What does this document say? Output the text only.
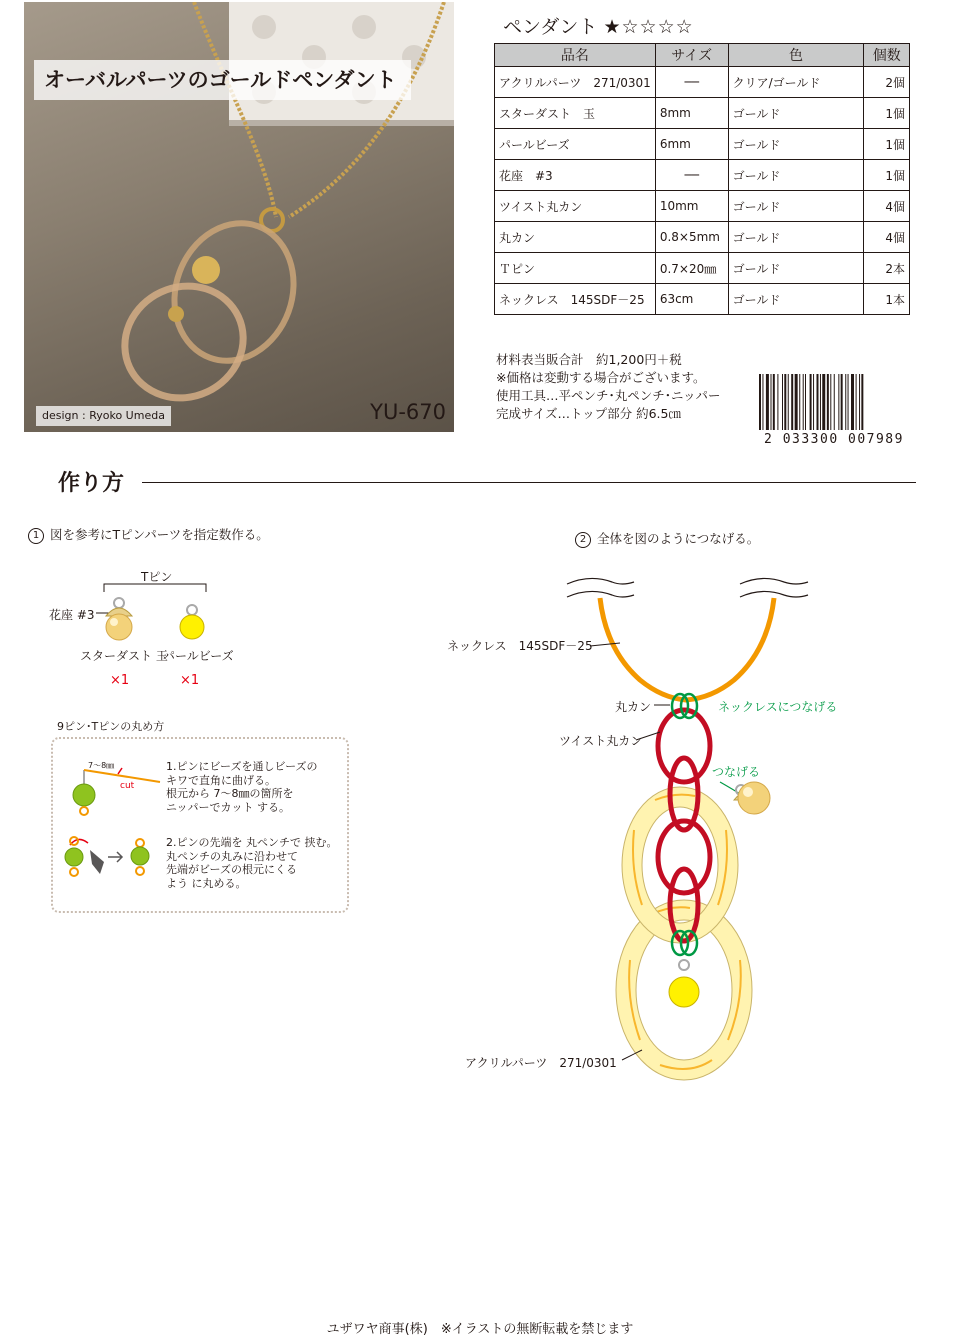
オーバルパーツのゴールドペンダント
design : Ryoko Umeda	YU-670
ペンダント ★☆☆☆☆
品名	サイズ	色	個数
アクリルパーツ　271/0301	──	クリア/ゴールド	2個
スターダスト　玉	8mm	ゴールド	1個
パールビーズ	6mm	ゴールド	1個
花座　#3	──	ゴールド	1個
ツイスト丸カン	10mm	ゴールド	4個
丸カン	0.8×5mm	ゴールド	4個
Ｔピン	0.7×20㎜	ゴールド	2本
ネックレス　145SDF－25	63cm	ゴールド	1本
材料表当販合計　約1,200円＋税
※価格は変動する場合がございます。
使用工具…平ペンチ･丸ペンチ･ニッパー
完成サイズ…トップ部分 約6.5㎝
2 033300 007989
作り方
1 図を参考にTピンパーツを指定数作る。	2 全体を図のようにつなげる。
Tピン
花座 #3
スターダスト 玉
パールビーズ
×1	×1
9ピン･Tピンの丸め方
7～8㎜
cut
1.ピンにビーズを通しビーズの
キワで直角に曲げる。
根元から 7～8㎜の箇所を
ニッパーでカット する。
2.ピンの先端を 丸ペンチで 挟む。
丸ペンチの丸みに沿わせて
先端がビーズの根元にくる
よう に丸める。
ネックレス　145SDF－25
丸カン
ツイスト丸カン
ネックレスにつなげる
つなげる
アクリルパーツ　271/0301
ユザワヤ商事(株)　※イラストの無断転載を禁じます
